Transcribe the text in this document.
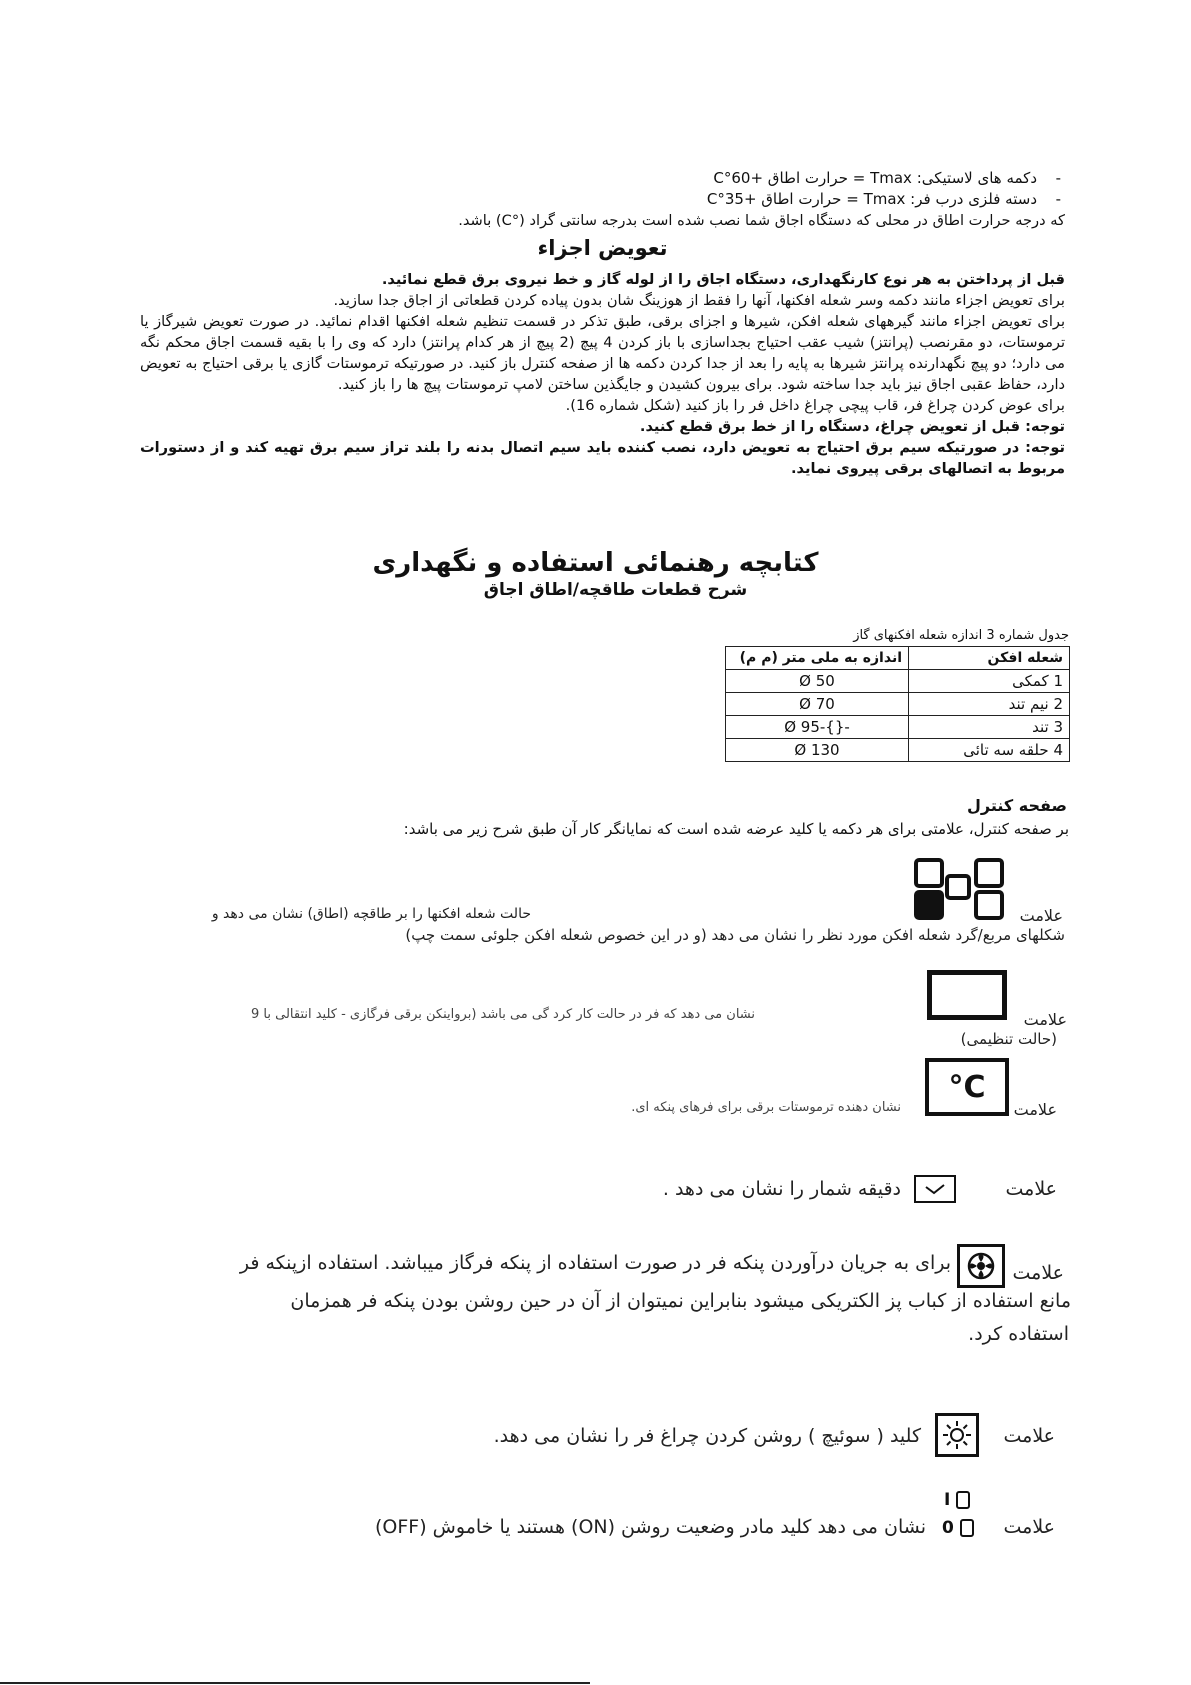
- دکمه های لاستیکی: Tmax = حرارت اطاق +60°C
- دسته فلزی درب فر: Tmax = حرارت اطاق +35°C
که درجه حرارت اطاق در محلی که دستگاه اجاق شما نصب شده است بدرجه سانتی گراد (°C) باشد.
تعویض اجزاء
قبل از پرداختن به هر نوع کارنگهداری، دستگاه اجاق را از لوله گاز و خط نیروی برق قطع نمائید.
برای تعویض اجزاء مانند دکمه وسر شعله افکنها، آنها را فقط از هوزینگ شان بدون پیاده کردن قطعاتی از اجاق جدا سازید.
برای تعویض اجزاء مانند گیرههای شعله افکن، شیرها و اجزای برقی، طبق تذکر در قسمت تنظیم شعله افکنها اقدام نمائید. در صورت تعویض شیرگاز یا ترموستات، دو مقرنصب (پرانتز) شیب عقب احتیاج بجداسازی با باز کردن 4 پیچ (2 پیچ از هر کدام پرانتز) دارد که وی را با بقیه قسمت اجاق محکم نگه می دارد؛ دو پیچ نگهدارنده پرانتز شیرها به پایه را بعد از جدا کردن دکمه ها از صفحه کنترل باز کنید. در صورتیکه ترموستات گازی یا برقی احتیاج به تعویض دارد، حفاظ عقبی اجاق نیز باید جدا ساخته شود. برای بیرون کشیدن و جایگذین ساختن لامپ ترموستات پیچ ها را باز کنید.
برای عوض کردن چراغ فر، قاب پیچی چراغ داخل فر را باز کنید (شکل شماره 16).
توجه: قبل از تعویض چراغ، دستگاه را از خط برق قطع کنید.
توجه: در صورتیکه سیم برق احتیاج به تعویض دارد، نصب کننده باید سیم اتصال بدنه را بلند تراز سیم برق تهیه کند و از دستورات مربوط به اتصالهای برقی پیروی نماید.
کتابچه رهنمائی استفاده و نگهداری
شرح قطعات طاقچه/اطاق اجاق
جدول شماره 3 اندازه شعله افکنهای گاز
شعله افکن	اندازه به ملی متر (م م)
1 کمکی	Ø 50
2 نیم تند	Ø 70
3 تند	-{}-Ø 95
4 حلقه سه تائی	Ø 130
صفحه کنترل
بر صفحه کنترل، علامتی برای هر دکمه یا کلید عرضه شده است که نمایانگر کار آن طبق شرح زیر می باشد:
علامت
حالت شعله افکنها را بر طاقچه (اطاق) نشان می دهد و
شکلهای مربع/گرد شعله افکن مورد نظر را نشان می دهد (و در این خصوص شعله افکن جلوئی سمت چپ)
علامت
(حالت تنظیمی)
نشان می دهد که فر در حالت کار کرد گی می باشد (برواینکن برقی فرگازی - کلید انتقالی با 9
°C
علامت
نشان دهنده ترموستات برقی برای فرهای پنکه ای.
علامت
دقیقه شمار را نشان می دهد .
علامت
برای به جریان درآوردن پنکه فر در صورت استفاده از پنکه فرگاز میباشد. استفاده ازپنکه فر
مانع استفاده از کباب پز الکتریکی میشود بنابراین نمیتوان از آن در حین روشن بودن پنکه فر همزمان
استفاده کرد.
علامت
کلید ( سوئیچ ) روشن کردن چراغ فر را نشان می دهد.
I
0	علامت
نشان می دهد کلید مادر وضعیت روشن (ON) هستند یا خاموش (OFF)
